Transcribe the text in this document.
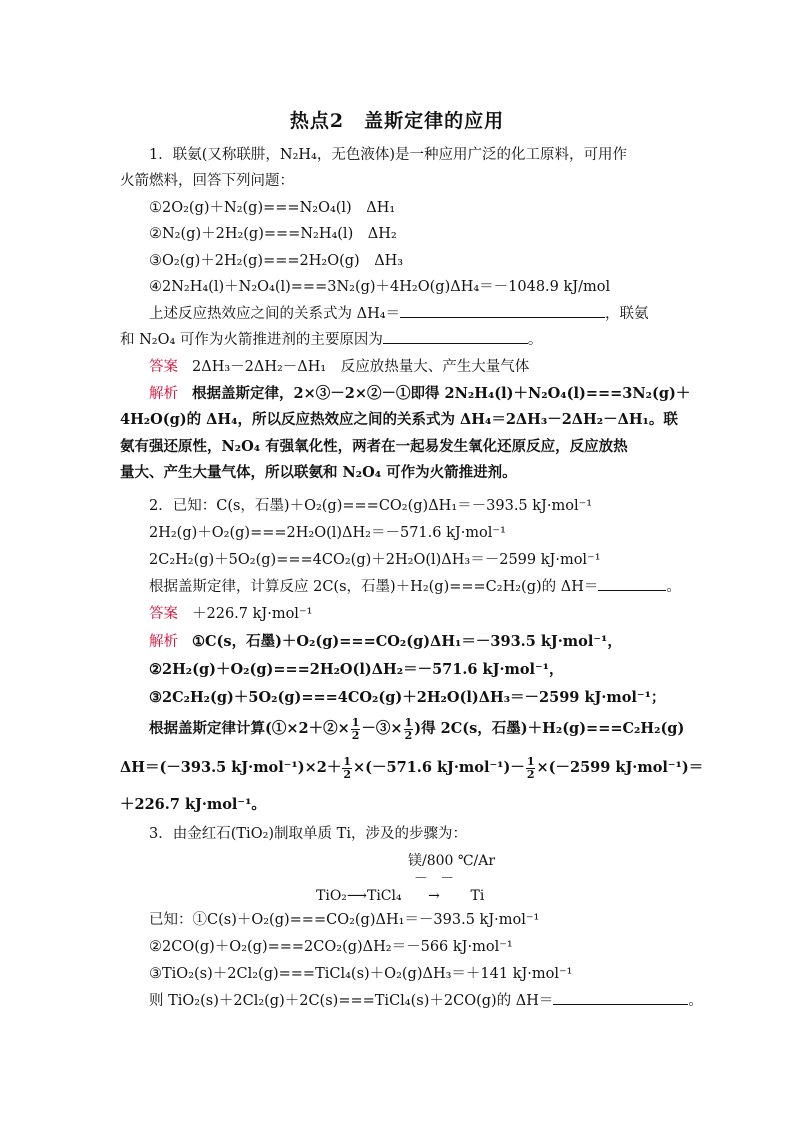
热点2　盖斯定律的应用
1．联氨(又称联肼，N₂H₄，无色液体)是一种应用广泛的化工原料，可用作
火箭燃料，回答下列问题：
①2O₂(g)＋N₂(g)===N₂O₄(l)　ΔH₁
②N₂(g)＋2H₂(g)===N₂H₄(l)　ΔH₂
③O₂(g)＋2H₂(g)===2H₂O(g)　ΔH₃
④2N₂H₄(l)＋N₂O₄(l)===3N₂(g)＋4H₂O(g)ΔH₄＝－1048.9 kJ/mol
上述反应热效应之间的关系式为 ΔH₄＝	，联氨
和 N₂O₄ 可作为火箭推进剂的主要原因为	。
答案 2ΔH₃－2ΔH₂－ΔH₁　反应放热量大、产生大量气体
解析 根据盖斯定律，2×③－2×②－①即得 2N₂H₄(l)＋N₂O₄(l)===3N₂(g)＋
4H₂O(g)的 ΔH₄，所以反应热效应之间的关系式为 ΔH₄＝2ΔH₃－2ΔH₂－ΔH₁。联
氨有强还原性，N₂O₄ 有强氧化性，两者在一起易发生氧化还原反应，反应放热
量大、产生大量气体，所以联氨和 N₂O₄ 可作为火箭推进剂。
2．已知：C(s，石墨)＋O₂(g)===CO₂(g)ΔH₁＝－393.5 kJ·mol⁻¹
2H₂(g)＋O₂(g)===2H₂O(l)ΔH₂＝－571.6 kJ·mol⁻¹
2C₂H₂(g)＋5O₂(g)===4CO₂(g)＋2H₂O(l)ΔH₃＝－2599 kJ·mol⁻¹
根据盖斯定律，计算反应 2C(s，石墨)＋H₂(g)===C₂H₂(g)的 ΔH＝	。
答案 ＋226.7 kJ·mol⁻¹
解析 ①C(s，石墨)＋O₂(g)===CO₂(g)ΔH₁＝－393.5 kJ·mol⁻¹，
②2H₂(g)＋O₂(g)===2H₂O(l)ΔH₂＝－571.6 kJ·mol⁻¹，
③2C₂H₂(g)＋5O₂(g)===4CO₂(g)＋2H₂O(l)ΔH₃＝－2599 kJ·mol⁻¹；
根据盖斯定律计算(①×2＋②× $\frac{1}{2}$ －③× $\frac{1}{2}$ )得 2C(s，石墨)＋H₂(g)===C₂H₂(g)
ΔH＝(－393.5 $kJ\cdot mol^{-1})\times 2+ \frac{1}{2} \times(-571.6$ $kJ\cdot mol^{-1})- \frac{1}{2} \times(-2599$ kJ·mol⁻¹)＝
＋226.7 kJ·mol⁻¹。
3．由金红石(TiO₂)制取单质 Ti，涉及的步骤为：
镁/800 ℃/Ar
TiO₂⟶TiCl₄ － － → Ti
已知：①C(s)＋O₂(g)===CO₂(g)ΔH₁＝－393.5 kJ·mol⁻¹
②2CO(g)＋O₂(g)===2CO₂(g)ΔH₂＝－566 kJ·mol⁻¹
③TiO₂(s)＋2Cl₂(g)===TiCl₄(s)＋O₂(g)ΔH₃＝＋141 kJ·mol⁻¹
则 TiO₂(s)＋2Cl₂(g)＋2C(s)===TiCl₄(s)＋2CO(g)的 ΔH＝	。
